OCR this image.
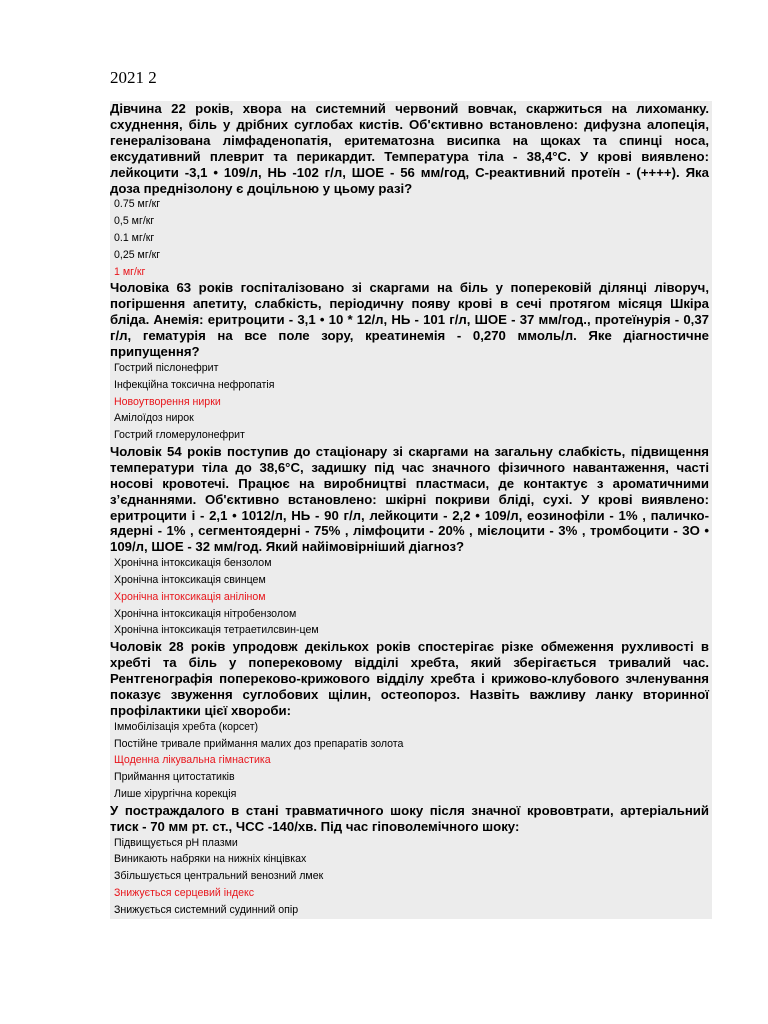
2021 2

Дівчина 22 років, хвора на системний червоний вовчак, скаржиться на лихоманку. схуднення, біль у дрібних суглобах кистів. Об'єктивно встановлено: дифузна алопеція, генералізована лімфаденопатія, еритематозна висипка на щоках та спинці носа, ексудативний плеврит та перикардит. Температура тіла - 38,4°С. У крові виявлено: лейкоцити -3,1 • 109/л, НЬ -102 г/л, ШОЕ - 56 мм/год, С-реактивний протеїн - (++++). Яка доза преднізолону є доцільною у цьому разі?

0.75 мг/кг
0,5 мг/кг
0.1 мг/кг
0,25 мг/кг
1 мг/кг

Чоловіка 63 років госпіталізовано зі скаргами на біль у поперековій ділянці ліворуч, погіршення апетиту, слабкість, періодичну появу крові в сечі протягом місяця Шкіра бліда. Анемія: еритроцити - 3,1 • 10 * 12/л, НЬ - 101 г/л, ШОЕ - 37 мм/год., протеїнурія - 0,37 г/л, гематурія на все поле зору, креатинемія - 0,270 ммоль/л. Яке діагностичне припущення?

Гострий післонефрит
Інфекційна токсична нефропатія
Новоутворення нирки
Амілоїдоз нирок
Гострий гломерулонефрит

Чоловік 54 років поступив до стаціонару зі скаргами на загальну слабкість, підвищення температури тіла до 38,6°С, задишку під час значного фізичного навантаження, часті носові кровотечі. Працює на виробництві пластмаси, де контактує з ароматичними з’єднаннями. Об'єктивно встановлено: шкірні покриви бліді, сухі. У крові виявлено: еритроцити і - 2,1 • 1012/л, НЬ - 90 г/л, лейкоцити - 2,2 • 109/л, еозинофіли - 1% , паличко-ядерні - 1% , сегментоядерні - 75% , лімфоцити - 20% , мієлоцити - 3% , тромбоцити - 3О • 109/л, ШОЕ - 32 мм/год. Який найімовірніший діагноз?

Хронічна інтоксикація бензолом
Хронічна інтоксикація свинцем
Хронічна інтоксикація аніліном
Хронічна інтоксикація нітробензолом
Хронічна інтоксикація тетраетилсвин-цем

Чоловік 28 років упродовж декількох років спостерігає різке обмеження рухливості в хребті та біль у поперековому відділі хребта, який зберігається тривалий час. Рентгенографія попереково-крижового відділу хребта і крижово-клубового зчленування показує звуження суглобових щілин, остеопороз. Назвіть важливу ланку вторинної профілактики цієї хвороби:

Іммобілізація хребта (корсет)
Постійне тривале приймання малих доз препаратів золота
Щоденна лікувальна гімнастика
Приймання цитостатиків
Лише хірургічна корекція

У постраждалого в стані травматичного шоку після значної крововтрати, артеріальний тиск - 70 мм рт. ст., ЧСС -140/хв. Під час гіповолемічного шоку:

Підвищується рН плазми
Виникають набряки на нижніх кінцівках
Збільшується центральний венозний лмек
Знижується серцевий індекс
Знижується системний судинний опір
